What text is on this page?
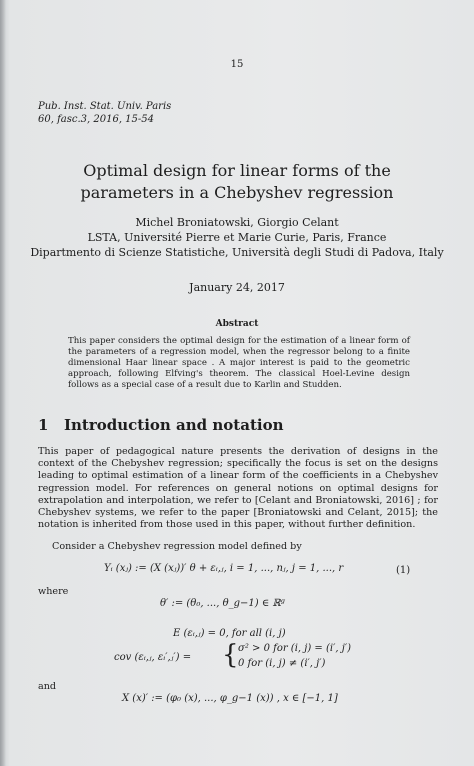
15
Pub. Inst. Stat. Univ. Paris
60, fasc.3, 2016, 15-54
Optimal design for linear forms of the
parameters in a Chebyshev regression
Michel Broniatowski, Giorgio Celant
LSTA, Université Pierre et Marie Curie, Paris, France
Dipartmento di Scienze Statistiche, Università degli Studi di Padova, Italy
January 24, 2017
Abstract
This paper considers the optimal design for the estimation of a linear form of the parameters of a regression model, when the regressor belong to a finite dimensional Haar linear space . A major interest is paid to the geometric approach, following Elfving's theorem. The classical Hoel-Levine design follows as a special case of a result due to Karlin and Studden.
1 Introduction and notation
This paper of pedagogical nature presents the derivation of designs in the context of the Chebyshev regression; specifically the focus is set on the designs leading to optimal estimation of a linear form of the coefficients in a Chebyshev regression model. For references on general notions on optimal designs for extrapolation and interpolation, we refer to [Celant and Broniatowski, 2016] ; for Chebyshev systems, we refer to the paper [Broniatowski and Celant, 2015]; the notation is inherited from those used in this paper, without further definition.
Consider a Chebyshev regression model defined by
Yᵢ (xⱼ) := (X (xⱼ))′ θ + εᵢ,ⱼ, i = 1, ..., nⱼ, j = 1, ..., r	(1)
where
θ′ := (θ₀, ..., θ_g−1) ∈ ℝᵍ
E (εᵢ,ⱼ) = 0, for all (i, j)
cov (εᵢ,ⱼ, εᵢ′,ⱼ′) = { σ² > 0 for (i, j) = (i′, j′)
0 for (i, j) ≠ (i′, j′)
and
X (x)′ := (φ₀ (x), ..., φ_g−1 (x)) , x ∈ [−1, 1]
